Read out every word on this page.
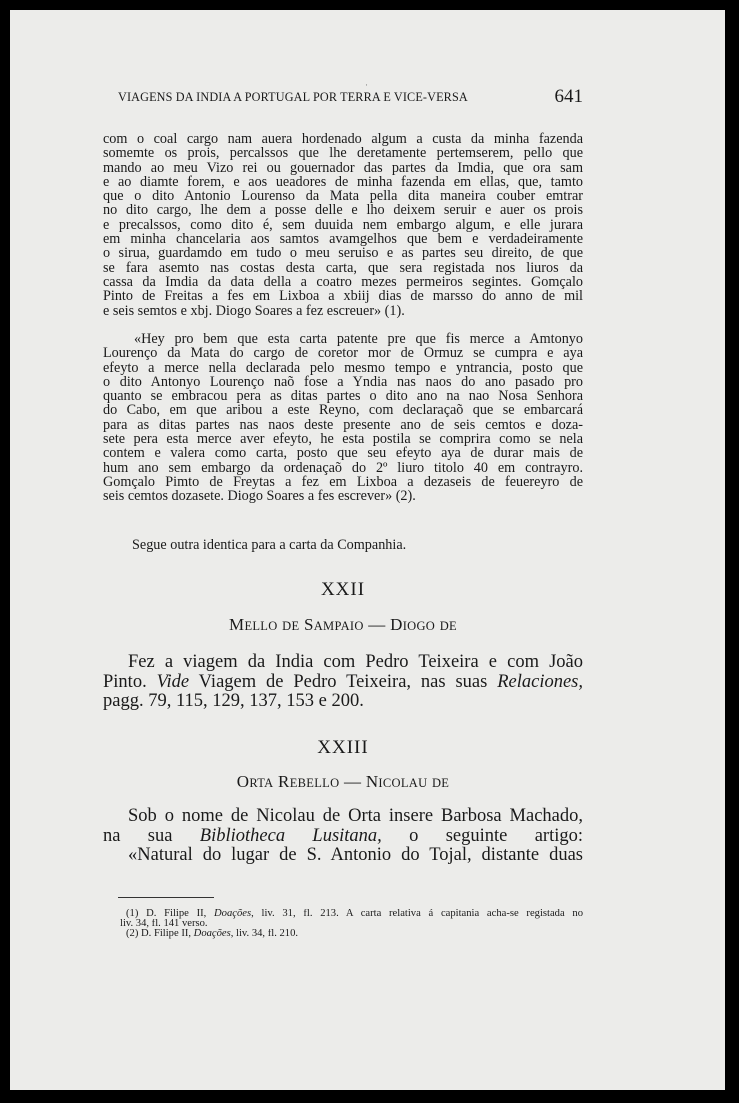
·
VIAGENS DA INDIA A PORTUGAL POR TERRA E VICE-VERSA	641
com o coal cargo nam auera hordenado algum a custa da minha fazenda
somemte os prois, percalssos que lhe deretamente pertemserem, pello que
mando ao meu Vizo rei ou gouernador das partes da Imdia, que ora sam
e ao diamte forem, e aos ueadores de minha fazenda em ellas, que, tamto
que o dito Antonio Lourenso da Mata pella dita maneira couber emtrar
no dito cargo, lhe dem a posse delle e lho deixem seruir e auer os prois
e precalssos, como dito é, sem duuida nem embargo algum, e elle jurara
em minha chancelaria aos samtos avamgelhos que bem e verdadeiramente
o sirua, guardamdo em tudo o meu seruiso e as partes seu direito, de que
se fara asemto nas costas desta carta, que sera registada nos liuros da
cassa da Imdia da data della a coatro mezes permeiros segintes. Gomçalo
Pinto de Freitas a fes em Lixboa a xbiij dias de marsso do anno de mil
e seis semtos e xbj. Diogo Soares a fez escreuer» (1).
«Hey pro bem que esta carta patente pre que fis merce a Amtonyo
Lourenço da Mata do cargo de coretor mor de Ormuz se cumpra e aya
efeyto a merce nella declarada pelo mesmo tempo e yntrancia, posto que
o dito Antonyo Lourenço naõ fose a Yndia nas naos do ano pasado pro
quanto se embracou pera as ditas partes o dito ano na nao Nosa Senhora
do Cabo, em que aribou a este Reyno, com declaraçaõ que se embarcará
para as ditas partes nas naos deste presente ano de seis cemtos e doza-
sete pera esta merce aver efeyto, he esta postila se comprira como se nela
contem e valera como carta, posto que seu efeyto aya de durar mais de
hum ano sem embargo da ordenaçaõ do 2º liuro titolo 40 em contrayro.
Gomçalo Pimto de Freytas a fez em Lixboa a dezaseis de feuereyro de
seis cemtos dozasete. Diogo Soares a fes escrever» (2).
Segue outra identica para a carta da Companhia.
XXII
MELLO DE SAMPAIO — DIOGO DE
Fez a viagem da India com Pedro Teixeira e com João
Pinto. Vide Viagem de Pedro Teixeira, nas suas Relaciones,
pagg. 79, 115, 129, 137, 153 e 200.
XXIII
ORTA REBELLO — NICOLAU DE
Sob o nome de Nicolau de Orta insere Barbosa Machado,
na sua Bibliotheca Lusitana, o seguinte artigo:
«Natural do lugar de S. Antonio do Tojal, distante duas
(1) D. Filipe II, Doações, liv. 31, fl. 213. A carta relativa á capitania acha-se registada no
liv. 34, fl. 141 verso.
(2) D. Filipe II, Doações, liv. 34, fl. 210.
